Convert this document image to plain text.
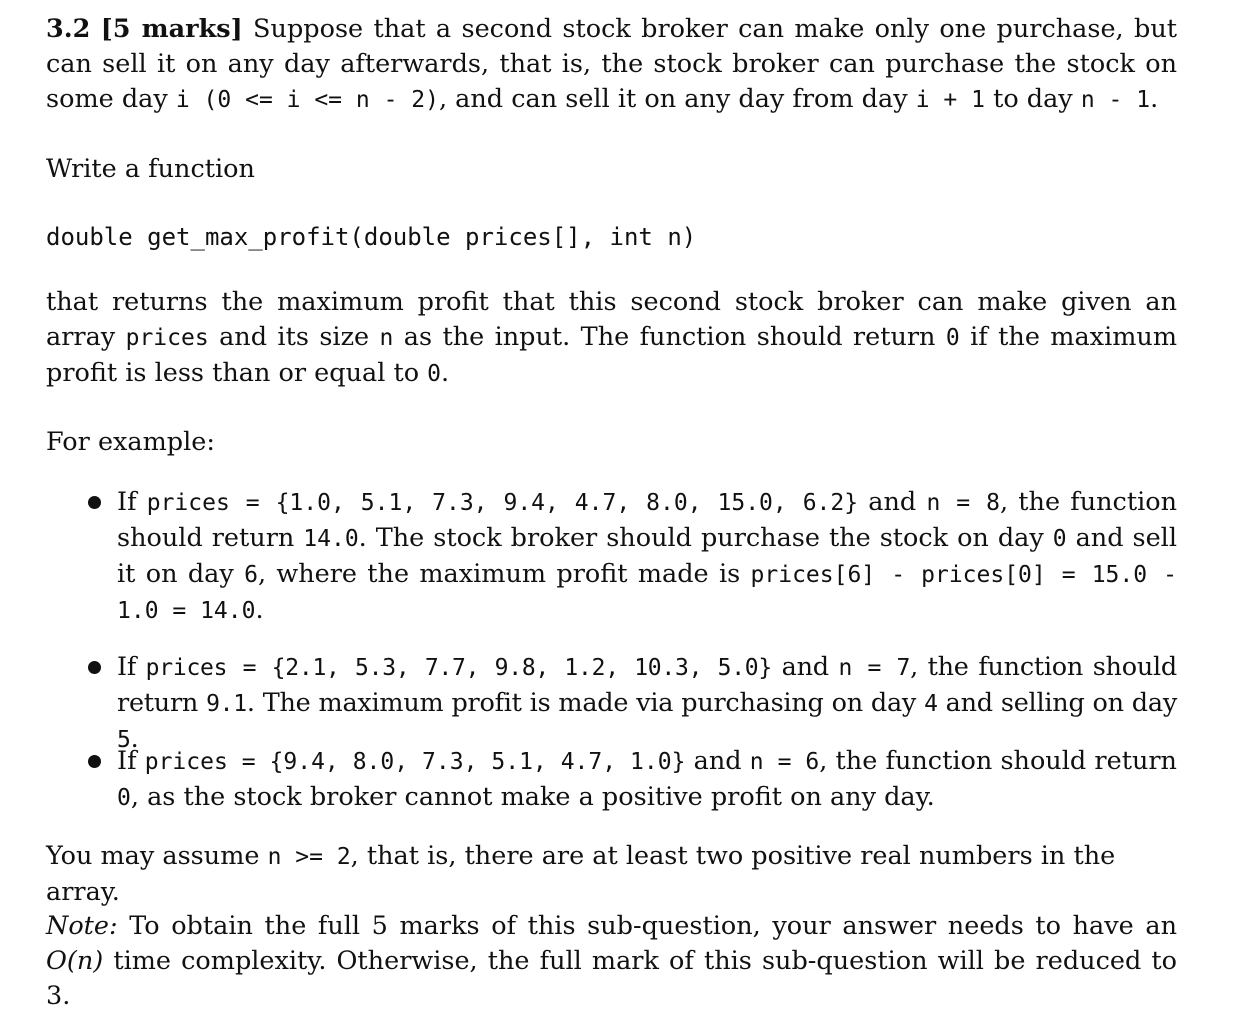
3.2 [5 marks] Suppose that a second stock broker can make only one purchase, but can sell it on any day afterwards, that is, the stock broker can purchase the stock on some day i (0 <= i <= n - 2), and can sell it on any day from day i + 1 to day n - 1.
Write a function
double get_max_profit(double prices[], int n)
that returns the maximum profit that this second stock broker can make given an array prices and its size n as the input. The function should return 0 if the maximum profit is less than or equal to 0.
For example:
If prices = {1.0, 5.1, 7.3, 9.4, 4.7, 8.0, 15.0, 6.2} and n = 8, the function should return 14.0. The stock broker should purchase the stock on day 0 and sell it on day 6, where the maximum profit made is prices[6] - prices[0] = 15.0 - 1.0 = 14.0.
If prices = {2.1, 5.3, 7.7, 9.8, 1.2, 10.3, 5.0} and n = 7, the function should return 9.1. The maximum profit is made via purchasing on day 4 and selling on day 5.
If prices = {9.4, 8.0, 7.3, 5.1, 4.7, 1.0} and n = 6, the function should return 0, as the stock broker cannot make a positive profit on any day.
You may assume n >= 2, that is, there are at least two positive real numbers in the array.
Note: To obtain the full 5 marks of this sub-question, your answer needs to have an O(n) time complexity. Otherwise, the full mark of this sub-question will be reduced to 3.
